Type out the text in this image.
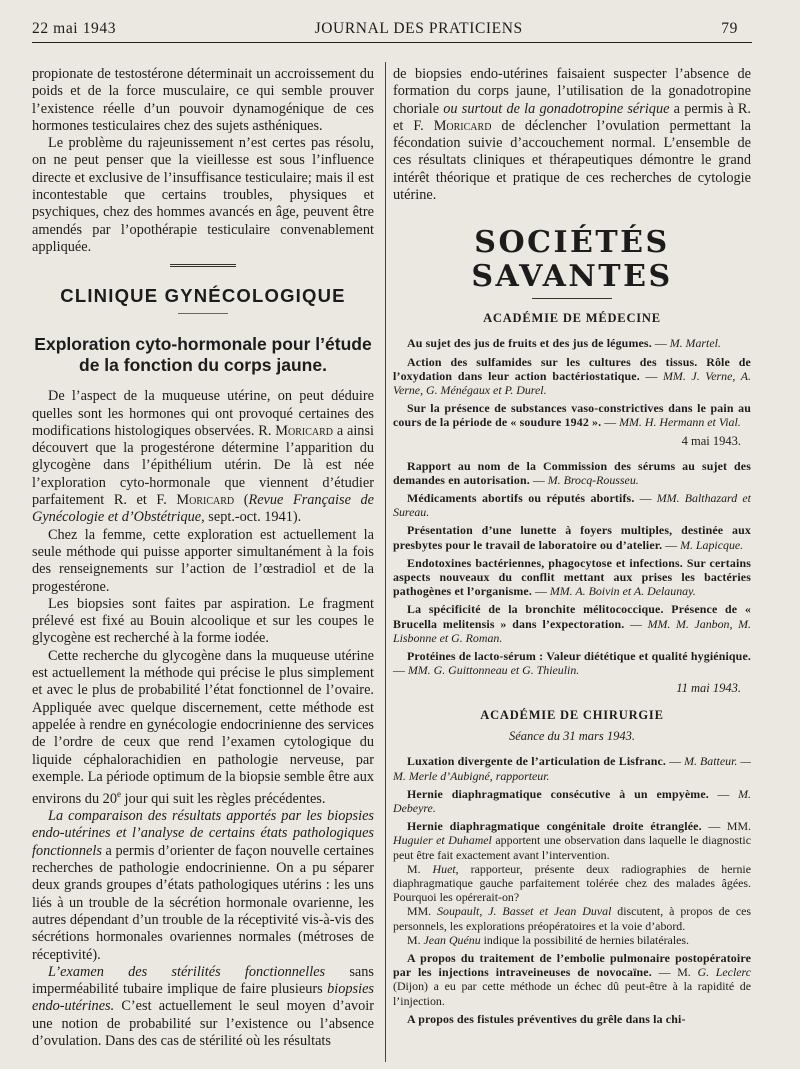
22 mai 1943	JOURNAL DES PRATICIENS	79

propionate de testostérone déterminait un accroissement du poids et de la force musculaire, ce qui semble prouver l’existence réelle d’un pouvoir dynamogénique de ces hormones testiculaires chez des sujets asthéniques.

Le problème du rajeunissement n’est certes pas résolu, on ne peut penser que la vieillesse est sous l’influence directe et exclusive de l’insuffisance testiculaire; mais il est incontestable que certains troubles, physiques et psychiques, chez des hommes avancés en âge, peuvent être amendés par l’opothérapie testiculaire convenablement appliquée.

CLINIQUE GYNÉCOLOGIQUE
Exploration cyto-hormonale pour l’étude de la fonction du corps jaune.

De l’aspect de la muqueuse utérine, on peut déduire quelles sont les hormones qui ont provoqué certaines des modifications histologiques observées. R. Moricard a ainsi découvert que la progestérone détermine l’apparition du glycogène dans l’épithélium utérin. De là est née l’exploration cyto-hormonale que viennent d’étudier parfaitement R. et F. Moricard (Revue Française de Gynécologie et d’Obstétrique, sept.-oct. 1941).

Chez la femme, cette exploration est actuellement la seule méthode qui puisse apporter simultanément à la fois des renseignements sur l’action de l’œstradiol et de la progestérone.

Les biopsies sont faites par aspiration. Le fragment prélevé est fixé au Bouin alcoolique et sur les coupes le glycogène est recherché à la forme iodée.

Cette recherche du glycogène dans la muqueuse utérine est actuellement la méthode qui précise le plus simplement et avec le plus de probabilité l’état fonctionnel de l’ovaire. Appliquée avec quelque discernement, cette méthode est appelée à rendre en gynécologie endocrinienne des services de l’ordre de ceux que rend l’examen cytologique du liquide céphalorachidien en pathologie nerveuse, par exemple. La période optimum de la biopsie semble être aux environs du 20e jour qui suit les règles précédentes.

La comparaison des résultats apportés par les biopsies endo-utérines et l’analyse de certains états pathologiques fonctionnels a permis d’orienter de façon nouvelle certaines recherches de pathologie endocrinienne. On a pu séparer deux grands groupes d’états pathologiques utérins : les uns liés à un trouble de la sécrétion hormonale ovarienne, les autres dépendant d’un trouble de la réceptivité vis-à-vis des sécrétions hormonales ovariennes normales (métroses de réceptivité).

L’examen des stérilités fonctionnelles sans imperméabilité tubaire implique de faire plusieurs biopsies endo-utérines. C’est actuellement le seul moyen d’avoir une notion de probabilité sur l’existence ou l’absence d’ovulation. Dans des cas de stérilité où les résultats

de biopsies endo-utérines faisaient suspecter l’absence de formation du corps jaune, l’utilisation de la gonadotropine choriale ou surtout de la gonadotropine sérique a permis à R. et F. Moricard de déclencher l’ovulation permettant la fécondation suivie d’accouchement normal. L’ensemble de ces résultats cliniques et thérapeutiques démontre le grand intérêt théorique et pratique de ces recherches de cytologie utérine.

SOCIÉTÉS SAVANTES
ACADÉMIE DE MÉDECINE

Au sujet des jus de fruits et des jus de légumes. — M. Martel.

Action des sulfamides sur les cultures des tissus. Rôle de l’oxydation dans leur action bactériostatique. — MM. J. Verne, A. Verne, G. Ménégaux et P. Durel.

Sur la présence de substances vaso-constrictives dans le pain au cours de la période de « soudure 1942 ». — MM. H. Hermann et Vial.

4 mai 1943.

Rapport au nom de la Commission des sérums au sujet des demandes en autorisation. — M. Brocq-Rousseu.

Médicaments abortifs ou réputés abortifs. — MM. Balthazard et Sureau.

Présentation d’une lunette à foyers multiples, destinée aux presbytes pour le travail de laboratoire ou d’atelier. — M. Lapicque.

Endotoxines bactériennes, phagocytose et infections. Sur certains aspects nouveaux du conflit mettant aux prises les bactéries pathogènes et l’organisme. — MM. A. Boivin et A. Delaunay.

La spécificité de la bronchite mélitococcique. Présence de « Brucella melitensis » dans l’expectoration. — MM. M. Janbon, M. Lisbonne et G. Roman.

Protéines de lacto-sérum : Valeur diététique et qualité hygiénique. — MM. G. Guittonneau et G. Thieulin.

11 mai 1943.
ACADÉMIE DE CHIRURGIE
Séance du 31 mars 1943.

Luxation divergente de l’articulation de Lisfranc. — M. Batteur. — M. Merle d’Aubigné, rapporteur.

Hernie diaphragmatique consécutive à un empyème. — M. Debeyre.

Hernie diaphragmatique congénitale droite étranglée. — MM. Huguier et Duhamel apportent une observation dans laquelle le diagnostic peut être fait exactement avant l’intervention.

M. Huet, rapporteur, présente deux radiographies de hernie diaphragmatique gauche parfaitement tolérée chez des malades âgées. Pourquoi les opérerait-on?

MM. Soupault, J. Basset et Jean Duval discutent, à propos de ces personnels, les explorations préopératoires et la voie d’abord.

M. Jean Quénu indique la possibilité de hernies bilatérales.

A propos du traitement de l’embolie pulmonaire postopératoire par les injections intraveineuses de novocaïne. — M. G. Leclerc (Dijon) a eu par cette méthode un échec dû peut-être à la rapidité de l’injection.

A propos des fistules préventives du grêle dans la chi-
